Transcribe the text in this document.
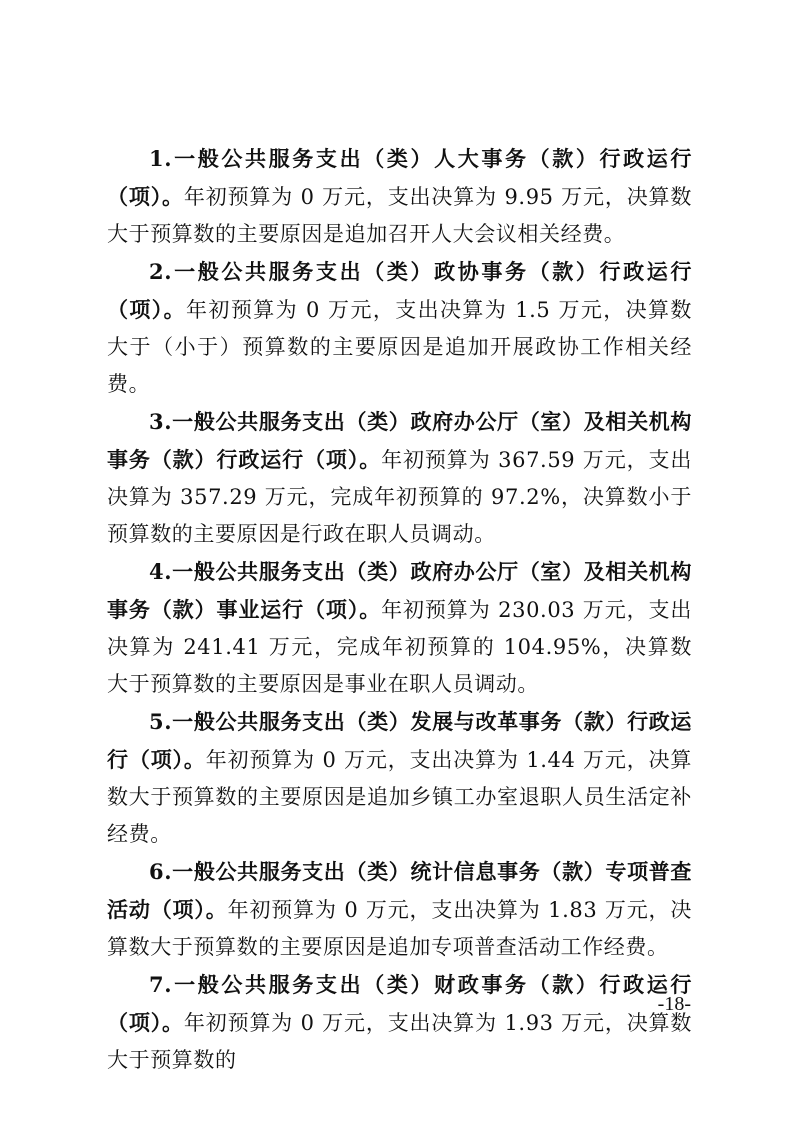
1.一般公共服务支出（类）人大事务（款）行政运行（项）。年初预算为 0 万元，支出决算为 9.95 万元，决算数大于预算数的主要原因是追加召开人大会议相关经费。

2.一般公共服务支出（类）政协事务（款）行政运行（项）。年初预算为 0 万元，支出决算为 1.5 万元，决算数大于（小于）预算数的主要原因是追加开展政协工作相关经费。

3.一般公共服务支出（类）政府办公厅（室）及相关机构事务（款）行政运行（项）。年初预算为 367.59 万元，支出决算为 357.29 万元，完成年初预算的 97.2%，决算数小于预算数的主要原因是行政在职人员调动。

4.一般公共服务支出（类）政府办公厅（室）及相关机构事务（款）事业运行（项）。年初预算为 230.03 万元，支出决算为 241.41 万元，完成年初预算的 104.95%，决算数大于预算数的主要原因是事业在职人员调动。

5.一般公共服务支出（类）发展与改革事务（款）行政运行（项）。年初预算为 0 万元，支出决算为 1.44 万元，决算数大于预算数的主要原因是追加乡镇工办室退职人员生活定补经费。

6.一般公共服务支出（类）统计信息事务（款）专项普查活动（项）。年初预算为 0 万元，支出决算为 1.83 万元，决算数大于预算数的主要原因是追加专项普查活动工作经费。

7.一般公共服务支出（类）财政事务（款）行政运行（项）。年初预算为 0 万元，支出决算为 1.93 万元，决算数大于预算数的

-18-
